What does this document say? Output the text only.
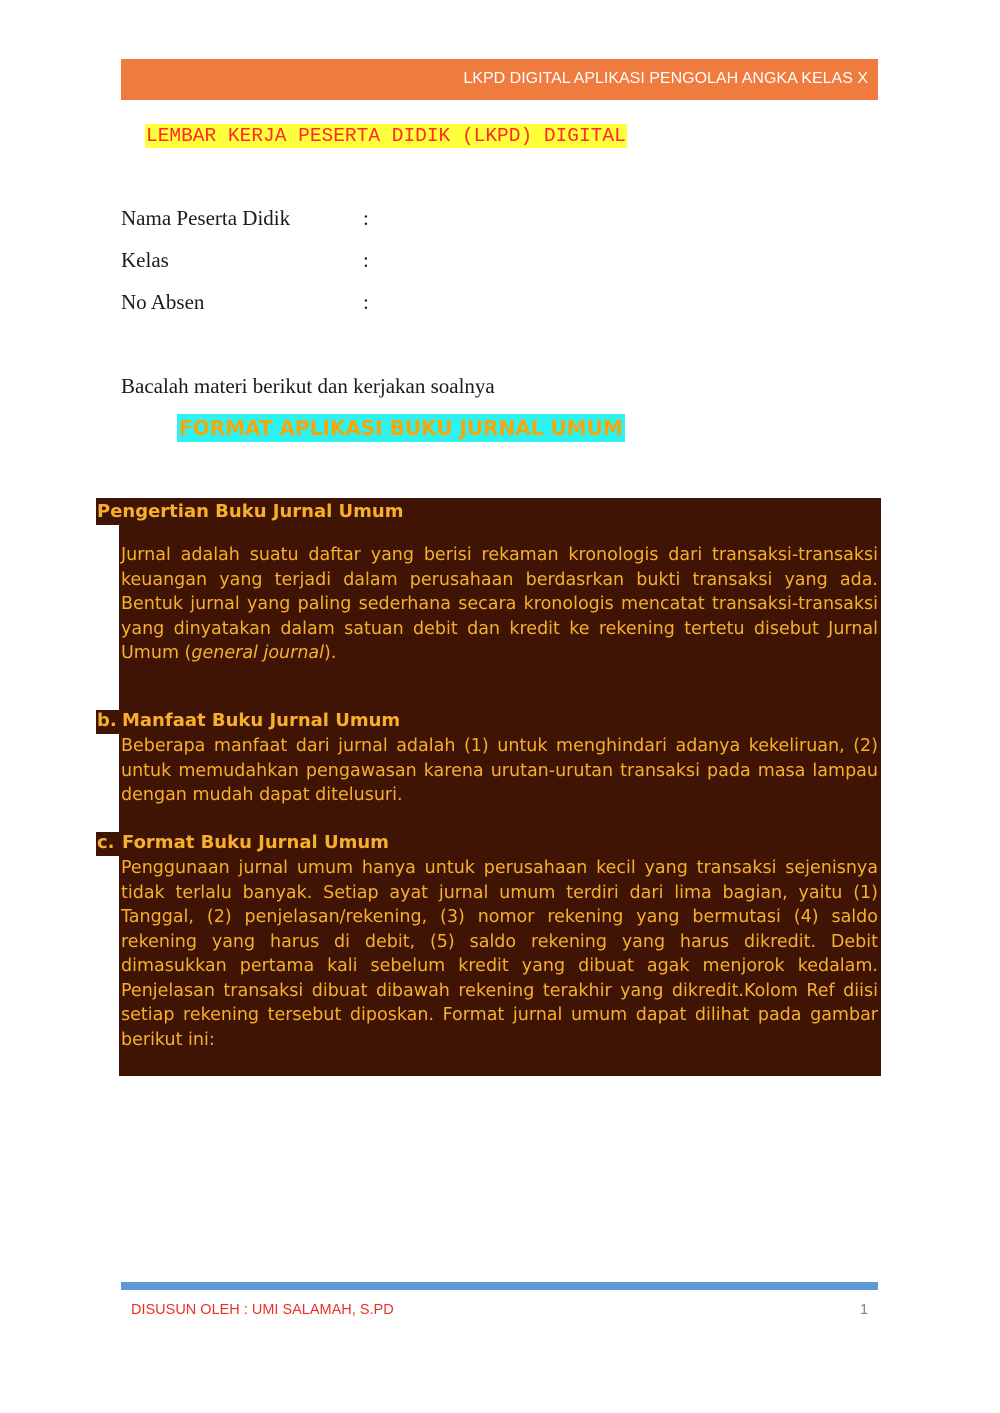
LKPD DIGITAL APLIKASI PENGOLAH ANGKA KELAS X
LEMBAR KERJA PESERTA DIDIK (LKPD) DIGITAL
Nama Peserta Didik	:
Kelas	:
No Absen	:
Bacalah materi berikut dan kerjakan soalnya
FORMAT APLIKASI BUKU JURNAL UMUM
Pengertian Buku Jurnal Umum
Jurnal adalah suatu daftar yang berisi rekaman kronologis dari transaksi-transaksi keuangan yang terjadi dalam perusahaan berdasrkan bukti transaksi yang ada. Bentuk jurnal yang paling sederhana secara kronologis mencatat transaksi-transaksi yang dinyatakan dalam satuan debit dan kredit ke rekening tertetu disebut Jurnal Umum (general journal).
b. Manfaat Buku Jurnal Umum
Beberapa manfaat dari jurnal adalah (1) untuk menghindari adanya kekeliruan, (2) untuk memudahkan pengawasan karena urutan-urutan transaksi pada masa lampau dengan mudah dapat ditelusuri.
c. Format Buku Jurnal Umum
Penggunaan jurnal umum hanya untuk perusahaan kecil yang transaksi sejenisnya tidak terlalu banyak. Setiap ayat jurnal umum terdiri dari lima bagian, yaitu (1) Tanggal, (2) penjelasan/rekening, (3) nomor rekening yang bermutasi (4) saldo rekening yang harus di debit, (5) saldo rekening yang harus dikredit. Debit dimasukkan pertama kali sebelum kredit yang dibuat agak menjorok kedalam. Penjelasan transaksi dibuat dibawah rekening terakhir yang dikredit.Kolom Ref diisi setiap rekening tersebut diposkan. Format jurnal umum dapat dilihat pada gambar berikut ini:
DISUSUN OLEH : UMI SALAMAH, S.PD	1
